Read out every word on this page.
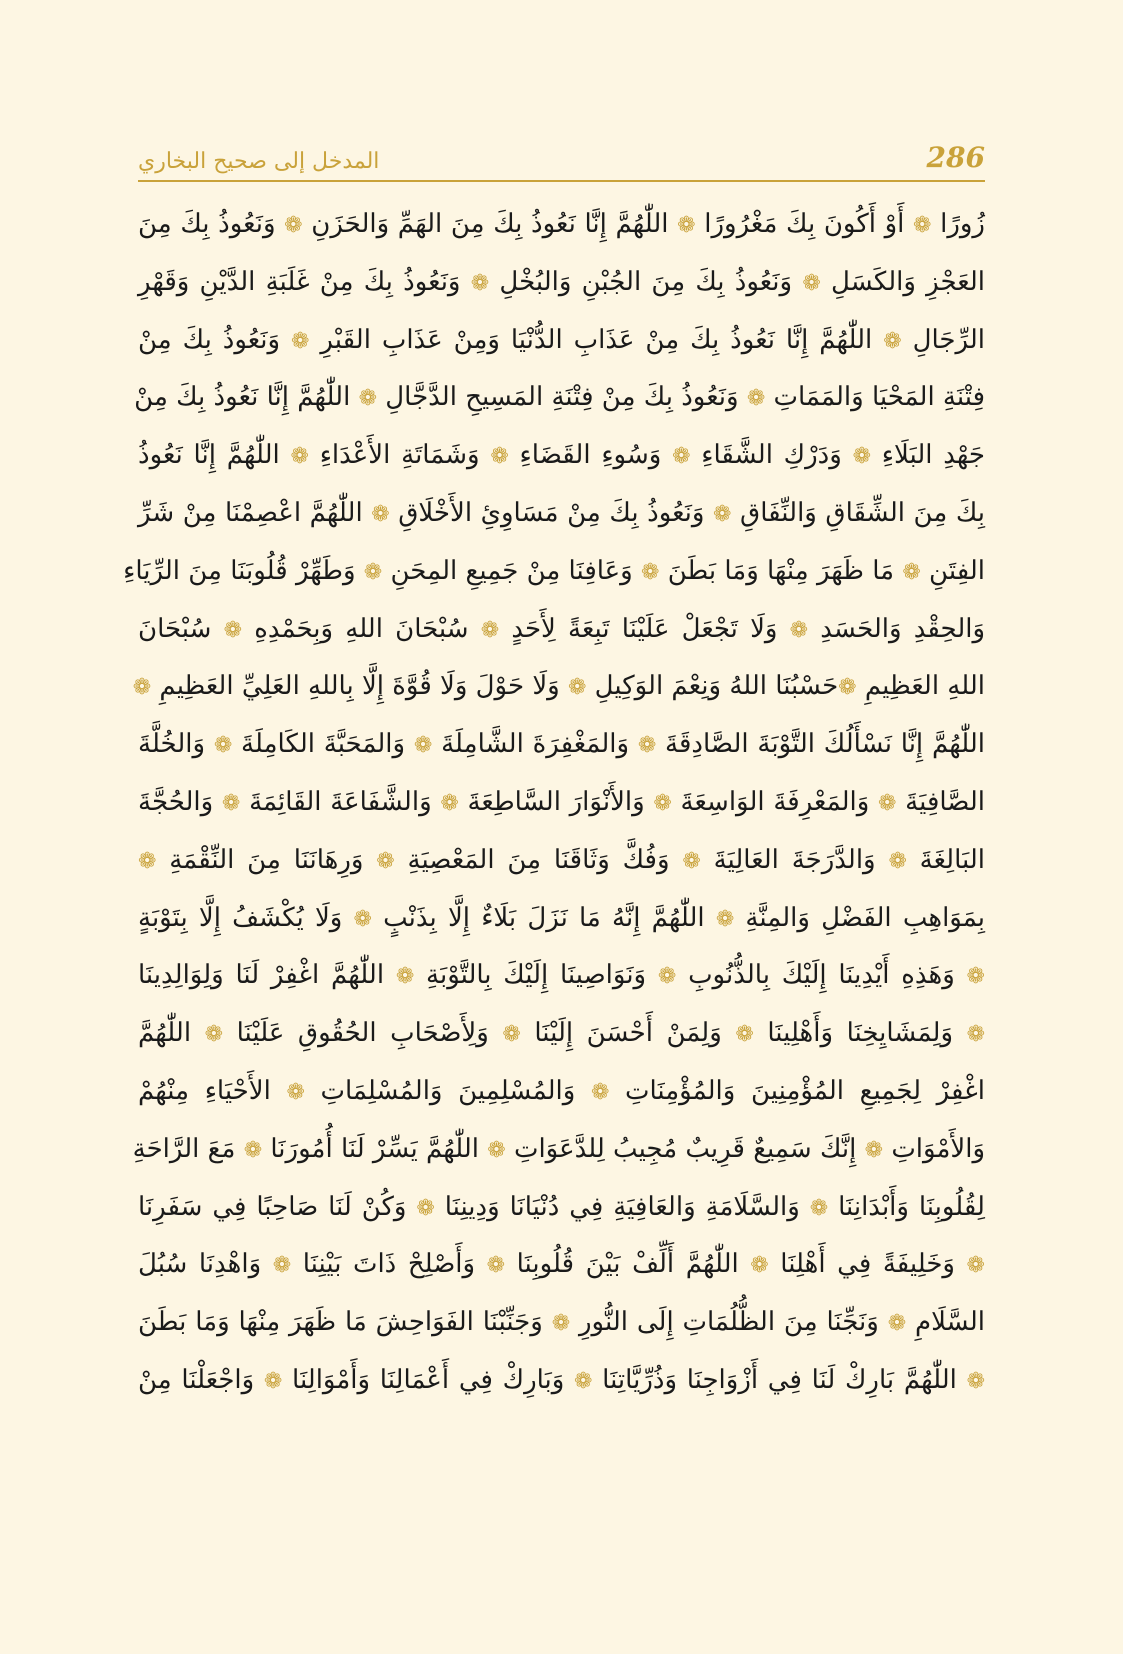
286
المدخل إلى صحيح البخاري
زُورًا ❁ أَوْ أَكُونَ بِكَ مَغْرُورًا ❁ اللّٰهُمَّ إِنَّا نَعُوذُ بِكَ مِنَ الهَمِّ وَالحَزَنِ ❁ وَنَعُوذُ بِكَ مِنَ
العَجْزِ وَالكَسَلِ ❁ وَنَعُوذُ بِكَ مِنَ الجُبْنِ وَالبُخْلِ ❁ وَنَعُوذُ بِكَ مِنْ غَلَبَةِ الدَّيْنِ وَقَهْرِ
الرِّجَالِ ❁ اللّٰهُمَّ إِنَّا نَعُوذُ بِكَ مِنْ عَذَابِ الدُّنْيَا وَمِنْ عَذَابِ القَبْرِ ❁ وَنَعُوذُ بِكَ مِنْ
فِتْنَةِ المَحْيَا وَالمَمَاتِ ❁ وَنَعُوذُ بِكَ مِنْ فِتْنَةِ المَسِيحِ الدَّجَّالِ ❁ اللّٰهُمَّ إِنَّا نَعُوذُ بِكَ مِنْ
جَهْدِ البَلَاءِ ❁ وَدَرْكِ الشَّقَاءِ ❁ وَسُوءِ القَضَاءِ ❁ وَشَمَاتَةِ الأَعْدَاءِ ❁ اللّٰهُمَّ إِنَّا نَعُوذُ
بِكَ مِنَ الشِّقَاقِ وَالنِّفَاقِ ❁ وَنَعُوذُ بِكَ مِنْ مَسَاوِئِ الأَخْلَاقِ ❁ اللّٰهُمَّ اعْصِمْنَا مِنْ شَرِّ
الفِتَنِ ❁ مَا ظَهَرَ مِنْهَا وَمَا بَطَنَ ❁ وَعَافِنَا مِنْ جَمِيعِ المِحَنِ ❁ وَطَهِّرْ قُلُوبَنَا مِنَ الرِّيَاءِ
وَالحِقْدِ وَالحَسَدِ ❁ وَلَا تَجْعَلْ عَلَيْنَا تَبِعَةً لِأَحَدٍ ❁ سُبْحَانَ اللهِ وَبِحَمْدِهِ ❁ سُبْحَانَ
اللهِ العَظِيمِ ❁حَسْبُنَا اللهُ وَنِعْمَ الوَكِيلِ ❁ وَلَا حَوْلَ وَلَا قُوَّةَ إِلَّا بِاللهِ العَلِيِّ العَظِيمِ ❁
اللّٰهُمَّ إِنَّا نَسْأَلُكَ التَّوْبَةَ الصَّادِقَةَ ❁ وَالمَغْفِرَةَ الشَّامِلَةَ ❁ وَالمَحَبَّةَ الكَامِلَةَ ❁ وَالخُلَّةَ
الصَّافِيَةَ ❁ وَالمَعْرِفَةَ الوَاسِعَةَ ❁ وَالأَنْوَارَ السَّاطِعَةَ ❁ وَالشَّفَاعَةَ القَائِمَةَ ❁ وَالحُجَّةَ
البَالِغَةَ ❁ وَالدَّرَجَةَ العَالِيَةَ ❁ وَفُكَّ وَثَاقَنَا مِنَ المَعْصِيَةِ ❁ وَرِهَانَنَا مِنَ النِّقْمَةِ ❁
بِمَوَاهِبِ الفَضْلِ وَالمِنَّةِ ❁ اللّٰهُمَّ إِنَّهُ مَا نَزَلَ بَلَاءٌ إِلَّا بِذَنْبٍ ❁ وَلَا يُكْشَفُ إِلَّا بِتَوْبَةٍ
❁ وَهَذِهِ أَيْدِينَا إِلَيْكَ بِالذُّنُوبِ ❁ وَنَوَاصِينَا إِلَيْكَ بِالتَّوْبَةِ ❁ اللّٰهُمَّ اغْفِرْ لَنَا وَلِوَالِدِينَا
❁ وَلِمَشَايِخِنَا وَأَهْلِينَا ❁ وَلِمَنْ أَحْسَنَ إِلَيْنَا ❁ وَلِأَصْحَابِ الحُقُوقِ عَلَيْنَا ❁ اللّٰهُمَّ
اغْفِرْ لِجَمِيعِ المُؤْمِنِينَ وَالمُؤْمِنَاتِ ❁ وَالمُسْلِمِينَ وَالمُسْلِمَاتِ ❁ الأَحْيَاءِ مِنْهُمْ
وَالأَمْوَاتِ ❁ إِنَّكَ سَمِيعٌ قَرِيبٌ مُجِيبُ لِلدَّعَوَاتِ ❁ اللّٰهُمَّ يَسِّرْ لَنَا أُمُورَنَا ❁ مَعَ الرَّاحَةِ
لِقُلُوبِنَا وَأَبْدَانِنَا ❁ وَالسَّلَامَةِ وَالعَافِيَةِ فِي دُنْيَانَا وَدِينِنَا ❁ وَكُنْ لَنَا صَاحِبًا فِي سَفَرِنَا
❁ وَخَلِيفَةً فِي أَهْلِنَا ❁ اللّٰهُمَّ أَلِّفْ بَيْنَ قُلُوبِنَا ❁ وَأَصْلِحْ ذَاتَ بَيْنِنَا ❁ وَاهْدِنَا سُبُلَ
السَّلَامِ ❁ وَنَجِّنَا مِنَ الظُّلُمَاتِ إِلَى النُّورِ ❁ وَجَنِّبْنَا الفَوَاحِشَ مَا ظَهَرَ مِنْهَا وَمَا بَطَنَ
❁ اللّٰهُمَّ بَارِكْ لَنَا فِي أَزْوَاجِنَا وَذُرِّيَّاتِنَا ❁ وَبَارِكْ فِي أَعْمَالِنَا وَأَمْوَالِنَا ❁ وَاجْعَلْنَا مِنْ
